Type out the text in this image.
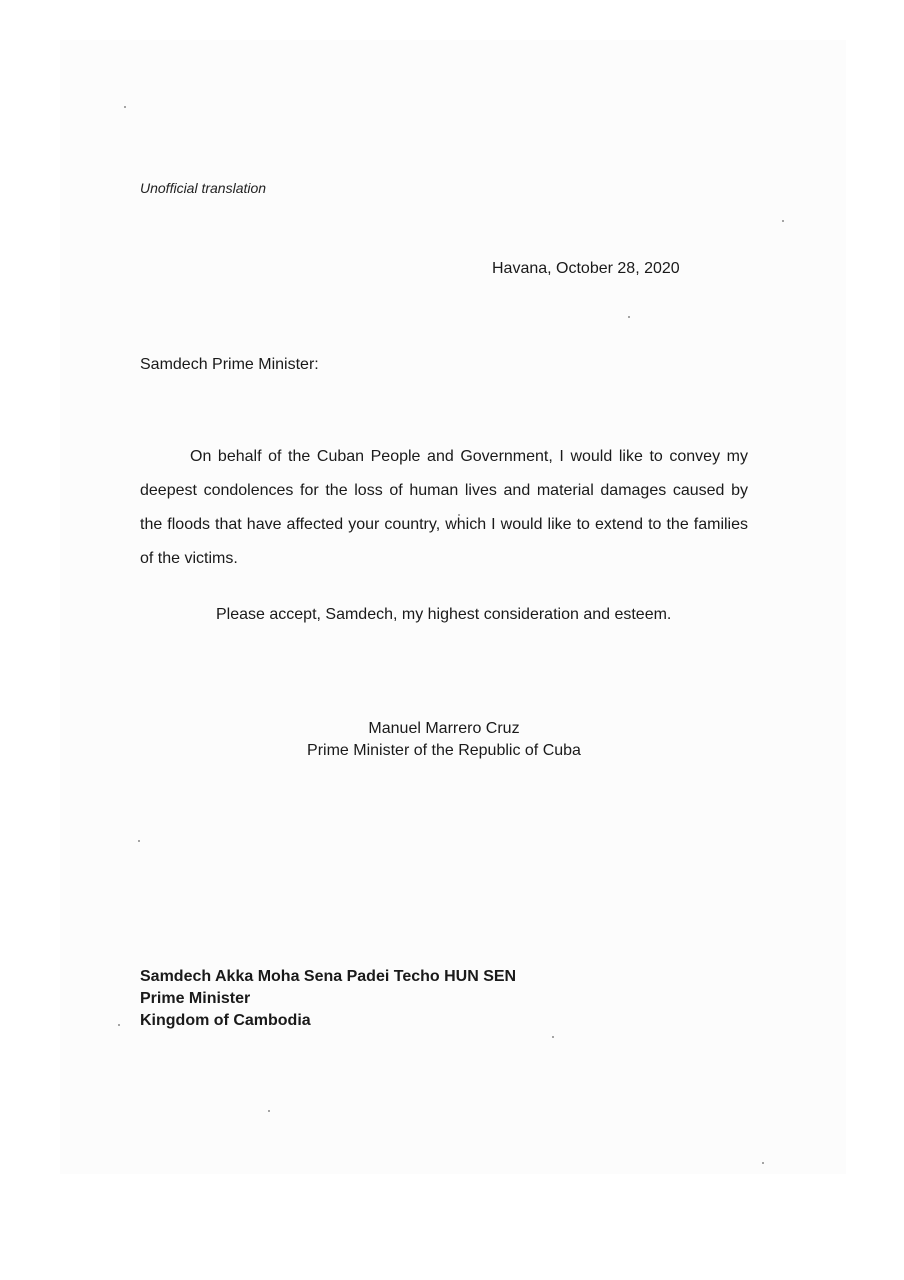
Unofficial translation
Havana, October 28, 2020
Samdech Prime Minister:

On behalf of the Cuban People and Government, I would like to convey my deepest condolences for the loss of human lives and material damages caused by the floods that have affected your country, which I would like to extend to the families of the victims.

Please accept, Samdech, my highest consideration and esteem.

Manuel Marrero Cruz
Prime Minister of the Republic of Cuba
Samdech Akka Moha Sena Padei Techo HUN SEN
Prime Minister
Kingdom of Cambodia
